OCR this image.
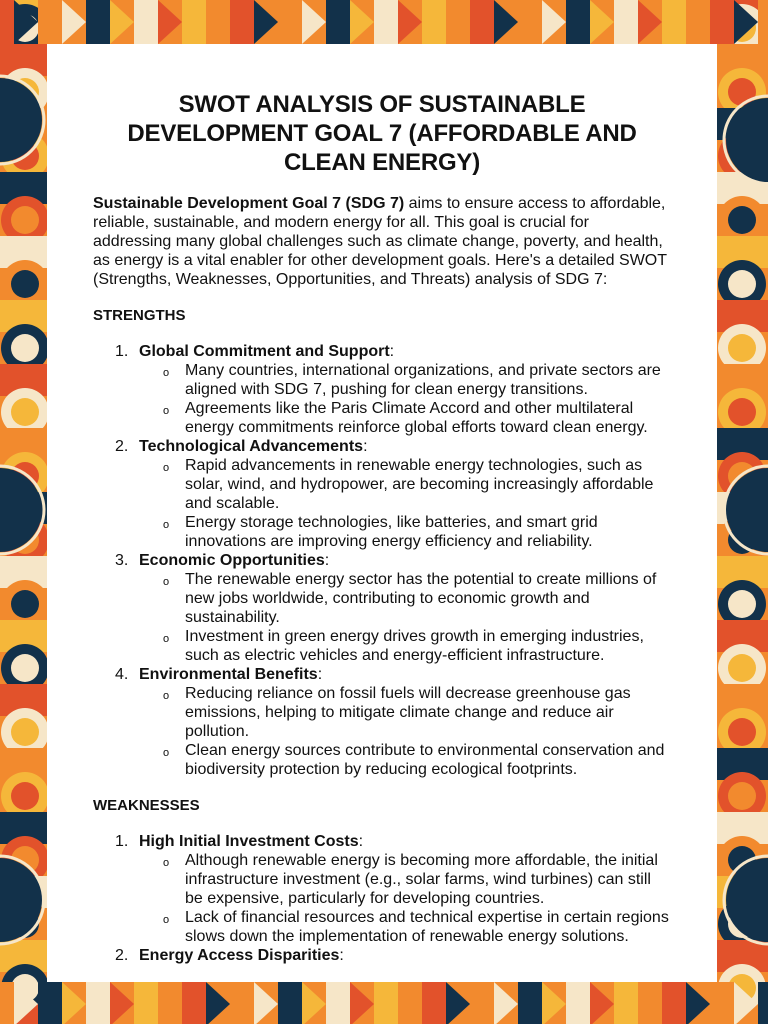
SWOT ANALYSIS OF SUSTAINABLE DEVELOPMENT GOAL 7 (AFFORDABLE AND CLEAN ENERGY)

Sustainable Development Goal 7 (SDG 7) aims to ensure access to affordable, reliable, sustainable, and modern energy for all. This goal is crucial for addressing many global challenges such as climate change, poverty, and health, as energy is a vital enabler for other development goals. Here's a detailed SWOT (Strengths, Weaknesses, Opportunities, and Threats) analysis of SDG 7:

STRENGTHS
1. Global Commitment and Support:
o Many countries, international organizations, and private sectors are aligned with SDG 7, pushing for clean energy transitions.
o Agreements like the Paris Climate Accord and other multilateral energy commitments reinforce global efforts toward clean energy.
2. Technological Advancements:
o Rapid advancements in renewable energy technologies, such as solar, wind, and hydropower, are becoming increasingly affordable and scalable.
o Energy storage technologies, like batteries, and smart grid innovations are improving energy efficiency and reliability.
3. Economic Opportunities:
o The renewable energy sector has the potential to create millions of new jobs worldwide, contributing to economic growth and sustainability.
o Investment in green energy drives growth in emerging industries, such as electric vehicles and energy-efficient infrastructure.
4. Environmental Benefits:
o Reducing reliance on fossil fuels will decrease greenhouse gas emissions, helping to mitigate climate change and reduce air pollution.
o Clean energy sources contribute to environmental conservation and biodiversity protection by reducing ecological footprints.
WEAKNESSES
1. High Initial Investment Costs:
o Although renewable energy is becoming more affordable, the initial infrastructure investment (e.g., solar farms, wind turbines) can still be expensive, particularly for developing countries.
o Lack of financial resources and technical expertise in certain regions slows down the implementation of renewable energy solutions.
2. Energy Access Disparities:
